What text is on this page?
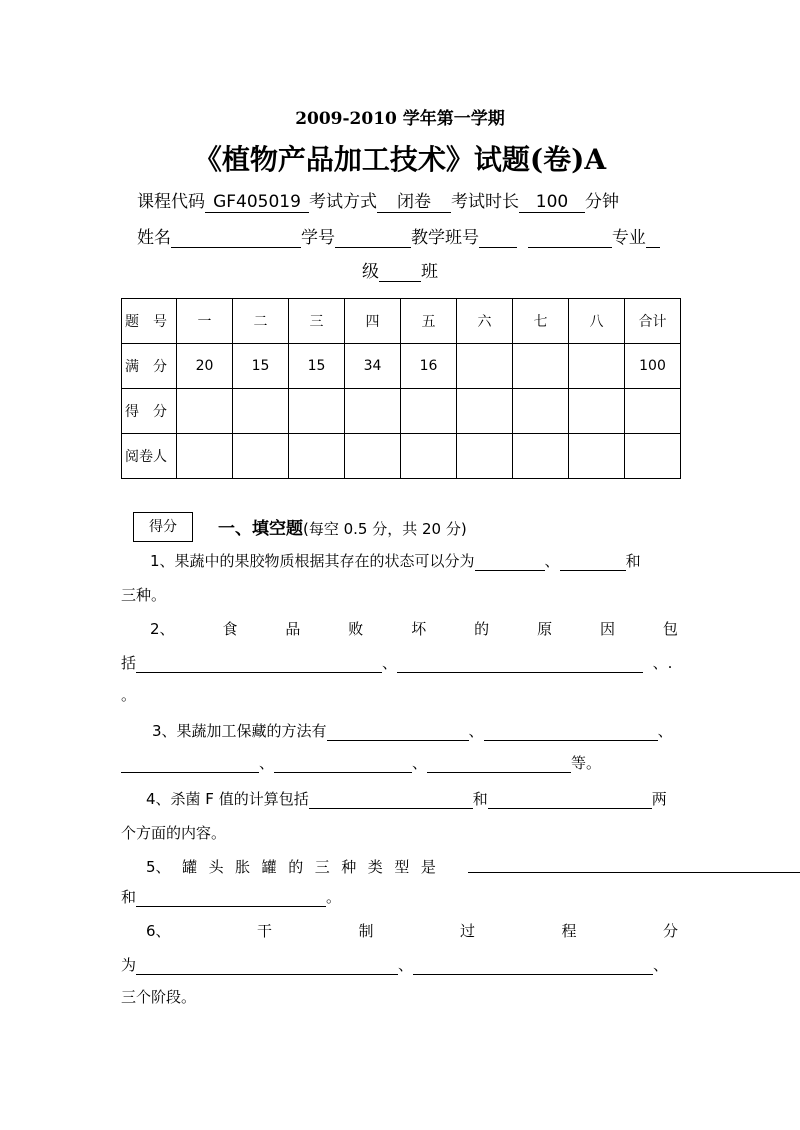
2009-2010 学年第一学期
《植物产品加工技术》试题(卷)A
课程代码 GF405019 考试方式 闭卷 考试时长 100 分钟
姓名	学号	教学班号	专业
级 班
题　号	一	二	三	四	五	六	七	八	合计
满　分	20	15	15	34	16				100
得　分									
阅卷人									
得分	一、填空题(每空 0.5 分，共 20 分)
1、果蔬中的果胶物质根据其存在的状态可以分为	、	和
三种。
2、	食	品	败	坏	的	原	因	包
括	、	、.
。
3、果蔬加工保藏的方法有	、	、
、	、	等。
4、杀菌 F 值的计算包括	和	两
个方面的内容。
5、 罐 头 胀 罐 的 三 种 类 型 是
和	。
6、	干	制	过	程	分
为	、	、
三个阶段。
